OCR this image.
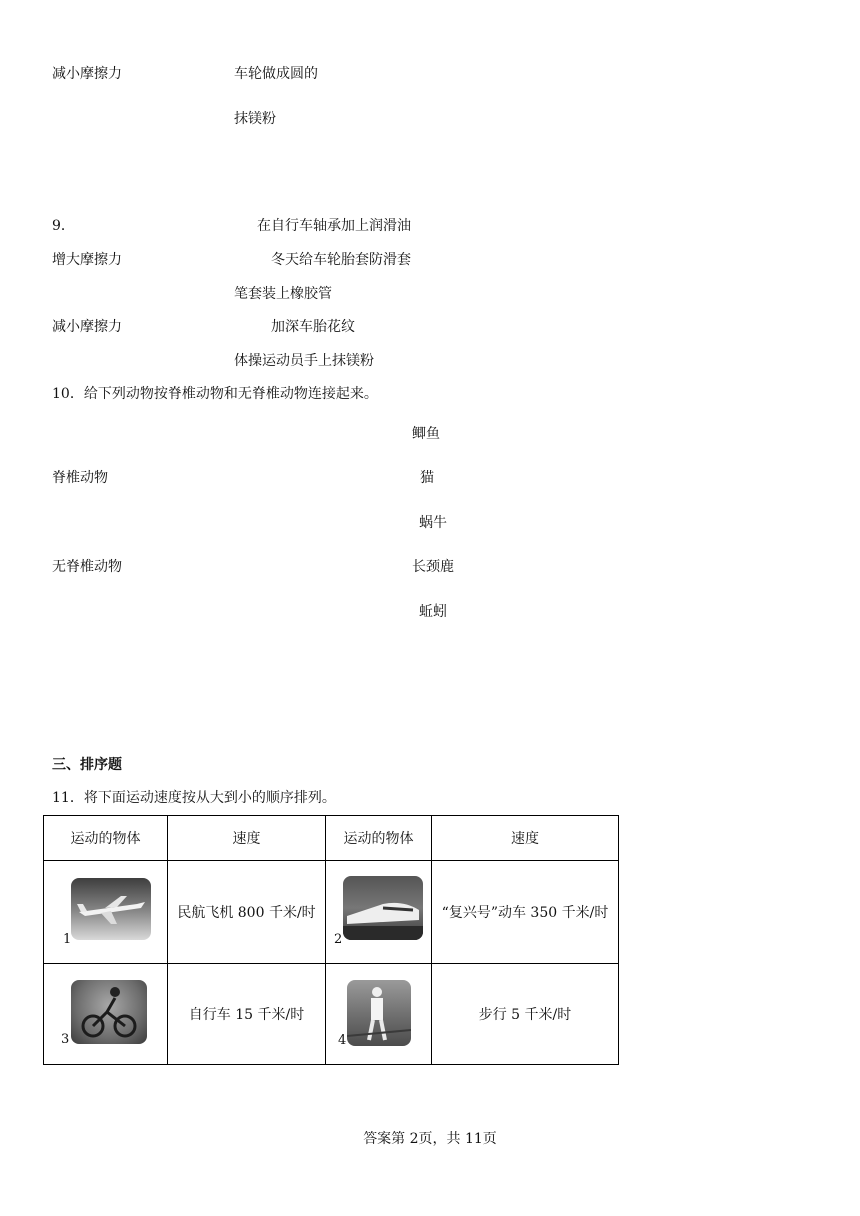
减小摩擦力	车轮做成圆的
抹镁粉
9．	在自行车轴承加上润滑油
增大摩擦力	冬天给车轮胎套防滑套
笔套装上橡胶管
减小摩擦力	加深车胎花纹
体操运动员手上抹镁粉
10．给下列动物按脊椎动物和无脊椎动物连接起来。
鲫鱼
脊椎动物	猫
蜗牛
无脊椎动物	长颈鹿
蚯蚓
三、排序题
11．将下面运动速度按从大到小的顺序排列。
运动的物体	速度	运动的物体	速度

1	民航飞机 800 千米/时	2	“复兴号”动车 350 千米/时

3	自行车 15 千米/时	4	步行 5 千米/时
答案第 2页，共 11页
